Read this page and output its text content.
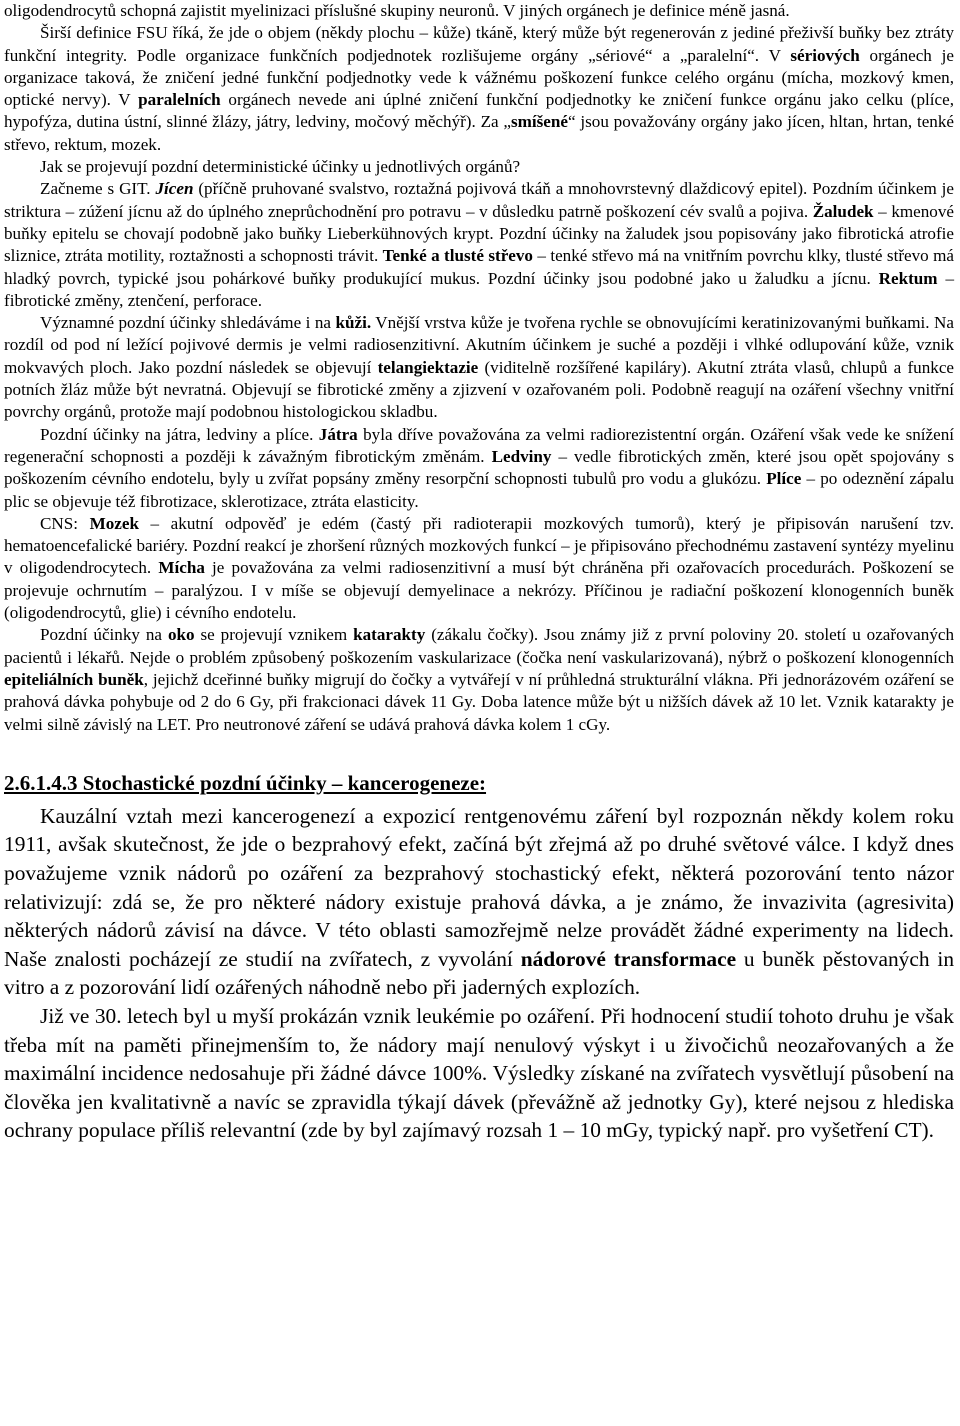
oligodendrocytů schopná zajistit myelinizaci příslušné skupiny neuronů. V jiných orgánech je definice méně jasná.

Širší definice FSU říká, že jde o objem (někdy plochu – kůže) tkáně, který může být regenerován z jediné přeživší buňky bez ztráty funkční integrity. Podle organizace funkčních podjednotek rozlišujeme orgány „sériové“ a „paralelní“. V sériových orgánech je organizace taková, že zničení jedné funkční podjednotky vede k vážnému poškození funkce celého orgánu (mícha, mozkový kmen, optické nervy). V paralelních orgánech nevede ani úplné zničení funkční podjednotky ke zničení funkce orgánu jako celku (plíce, hypofýza, dutina ústní, slinné žlázy, játry, ledviny, močový měchýř). Za „smíšené“ jsou považovány orgány jako jícen, hltan, hrtan, tenké střevo, rektum, mozek.

Jak se projevují pozdní deterministické účinky u jednotlivých orgánů?

Začneme s GIT. Jícen (příčně pruhované svalstvo, roztažná pojivová tkáň a mnohovrstevný dlaždicový epitel). Pozdním účinkem je striktura – zúžení jícnu až do úplného zneprůchodnění pro potravu – v důsledku patrně poškození cév svalů a pojiva. Žaludek – kmenové buňky epitelu se chovají podobně jako buňky Lieberkühnových krypt. Pozdní účinky na žaludek jsou popisovány jako fibrotická atrofie sliznice, ztráta motility, roztažnosti a schopnosti trávit. Tenké a tlusté střevo – tenké střevo má na vnitřním povrchu klky, tlusté střevo má hladký povrch, typické jsou pohárkové buňky produkující mukus. Pozdní účinky jsou podobné jako u žaludku a jícnu. Rektum – fibrotické změny, ztenčení, perforace.

Významné pozdní účinky shledáváme i na kůži. Vnější vrstva kůže je tvořena rychle se obnovujícími keratinizovanými buňkami. Na rozdíl od pod ní ležící pojivové dermis je velmi radiosenzitivní. Akutním účinkem je suché a později i vlhké odlupování kůže, vznik mokvavých ploch. Jako pozdní následek se objevují telangiektazie (viditelně rozšířené kapiláry). Akutní ztráta vlasů, chlupů a funkce potních žláz může být nevratná. Objevují se fibrotické změny a zjizvení v ozařovaném poli. Podobně reagují na ozáření všechny vnitřní povrchy orgánů, protože mají podobnou histologickou skladbu.

Pozdní účinky na játra, ledviny a plíce. Játra byla dříve považována za velmi radiorezistentní orgán. Ozáření však vede ke snížení regenerační schopnosti a později k závažným fibrotickým změnám. Ledviny – vedle fibrotických změn, které jsou opět spojovány s poškozením cévního endotelu, byly u zvířat popsány změny resorpční schopnosti tubulů pro vodu a glukózu. Plíce – po odeznění zápalu plic se objevuje též fibrotizace, sklerotizace, ztráta elasticity.

CNS: Mozek – akutní odpověď je edém (častý při radioterapii mozkových tumorů), který je připisován narušení tzv. hematoencefalické bariéry. Pozdní reakcí je zhoršení různých mozkových funkcí – je připisováno přechodnému zastavení syntézy myelinu v oligodendrocytech. Mícha je považována za velmi radiosenzitivní a musí být chráněna při ozařovacích procedurách. Poškození se projevuje ochrnutím – paralýzou. I v míše se objevují demyelinace a nekrózy. Příčinou je radiační poškození klonogenních buněk (oligodendrocytů, glie) i cévního endotelu.

Pozdní účinky na oko se projevují vznikem katarakty (zákalu čočky). Jsou známy již z první poloviny 20. století u ozařovaných pacientů i lékařů. Nejde o problém způsobený poškozením vaskularizace (čočka není vaskularizovaná), nýbrž o poškození klonogenních epiteliálních buněk, jejichž dceřinné buňky migrují do čočky a vytvářejí v ní průhledná strukturální vlákna. Při jednorázovém ozáření se prahová dávka pohybuje od 2 do 6 Gy, při frakcionaci dávek 11 Gy. Doba latence může být u nižších dávek až 10 let. Vznik katarakty je velmi silně závislý na LET. Pro neutronové záření se udává prahová dávka kolem 1 cGy.

2.6.1.4.3 Stochastické pozdní účinky – kancerogeneze:

Kauzální vztah mezi kancerogenezí a expozicí rentgenovému záření byl rozpoznán někdy kolem roku 1911, avšak skutečnost, že jde o bezprahový efekt, začíná být zřejmá až po druhé světové válce. I když dnes považujeme vznik nádorů po ozáření za bezprahový stochastický efekt, některá pozorování tento názor relativizují: zdá se, že pro některé nádory existuje prahová dávka, a je známo, že invazivita (agresivita) některých nádorů závisí na dávce. V této oblasti samozřejmě nelze provádět žádné experimenty na lidech. Naše znalosti pocházejí ze studií na zvířatech, z vyvolání nádorové transformace u buněk pěstovaných in vitro a z pozorování lidí ozářených náhodně nebo při jaderných explozích.

Již ve 30. letech byl u myší prokázán vznik leukémie po ozáření. Při hodnocení studií tohoto druhu je však třeba mít na paměti přinejmenším to, že nádory mají nenulový výskyt i u živočichů neozařovaných a že maximální incidence nedosahuje při žádné dávce 100%. Výsledky získané na zvířatech vysvětlují působení na člověka jen kvalitativně a navíc se zpravidla týkají dávek (převážně až jednotky Gy), které nejsou z hlediska ochrany populace příliš relevantní (zde by byl zajímavý rozsah 1 – 10 mGy, typický např. pro vyšetření CT).
